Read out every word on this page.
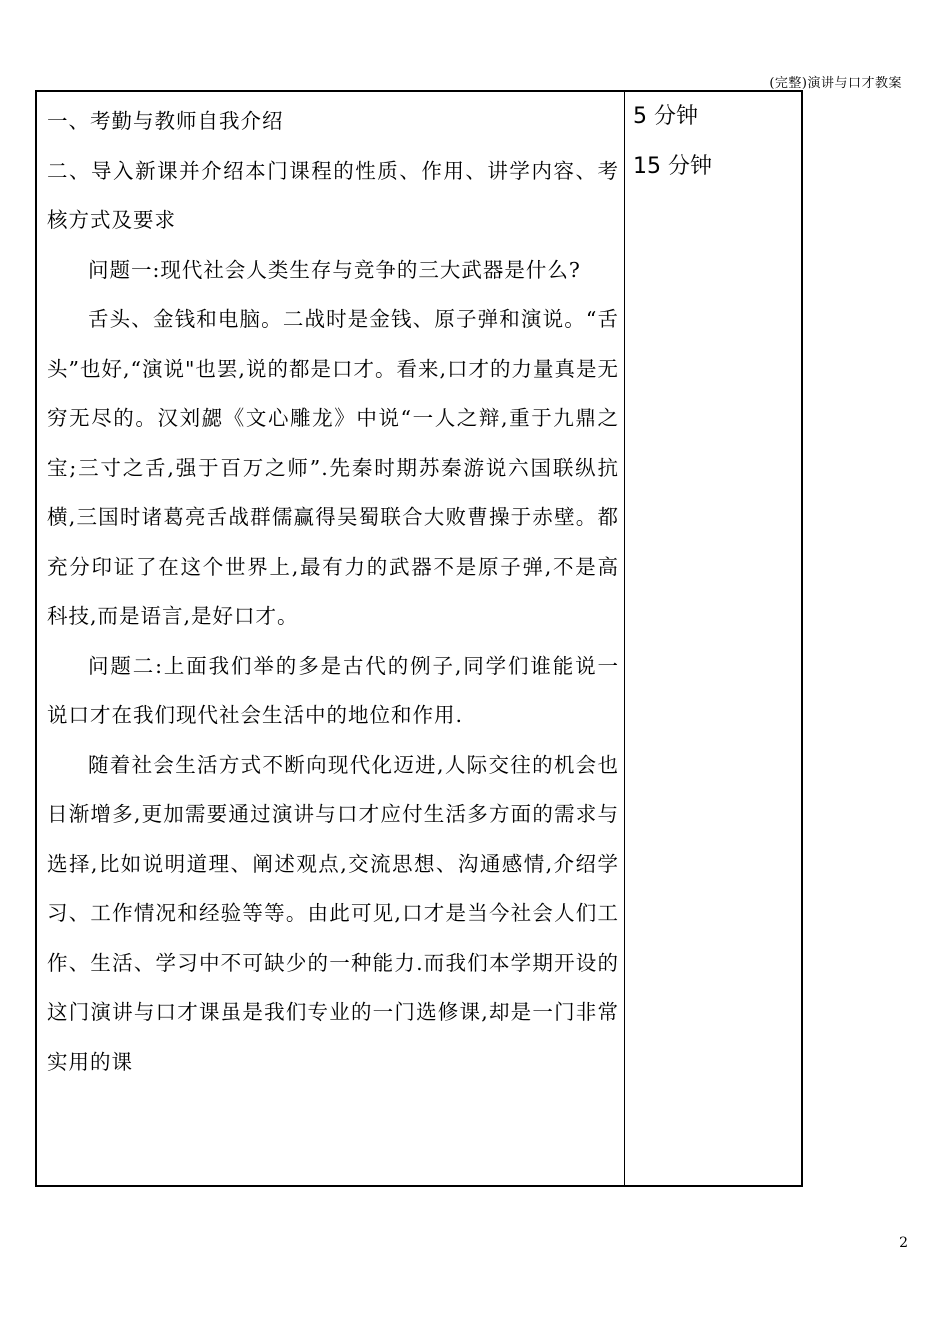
(完整)演讲与口才教案

一、考勤与教师自我介绍

二、导入新课并介绍本门课程的性质、作用、讲学内容、考核方式及要求

问题一:现代社会人类生存与竞争的三大武器是什么?

舌头、金钱和电脑。二战时是金钱、原子弹和演说。“舌头”也好,“演说"也罢,说的都是口才。看来,口才的力量真是无穷无尽的。汉刘勰《文心雕龙》中说“一人之辩,重于九鼎之宝;三寸之舌,强于百万之师”.先秦时期苏秦游说六国联纵抗横,三国时诸葛亮舌战群儒赢得吴蜀联合大败曹操于赤壁。都充分印证了在这个世界上,最有力的武器不是原子弹,不是高科技,而是语言,是好口才。

问题二:上面我们举的多是古代的例子,同学们谁能说一说口才在我们现代社会生活中的地位和作用.

随着社会生活方式不断向现代化迈进,人际交往的机会也日渐增多,更加需要通过演讲与口才应付生活多方面的需求与选择,比如说明道理、阐述观点,交流思想、沟通感情,介绍学习、工作情况和经验等等。由此可见,口才是当今社会人们工作、生活、学习中不可缺少的一种能力.而我们本学期开设的这门演讲与口才课虽是我们专业的一门选修课,却是一门非常实用的课

5 分钟
15 分钟
2
